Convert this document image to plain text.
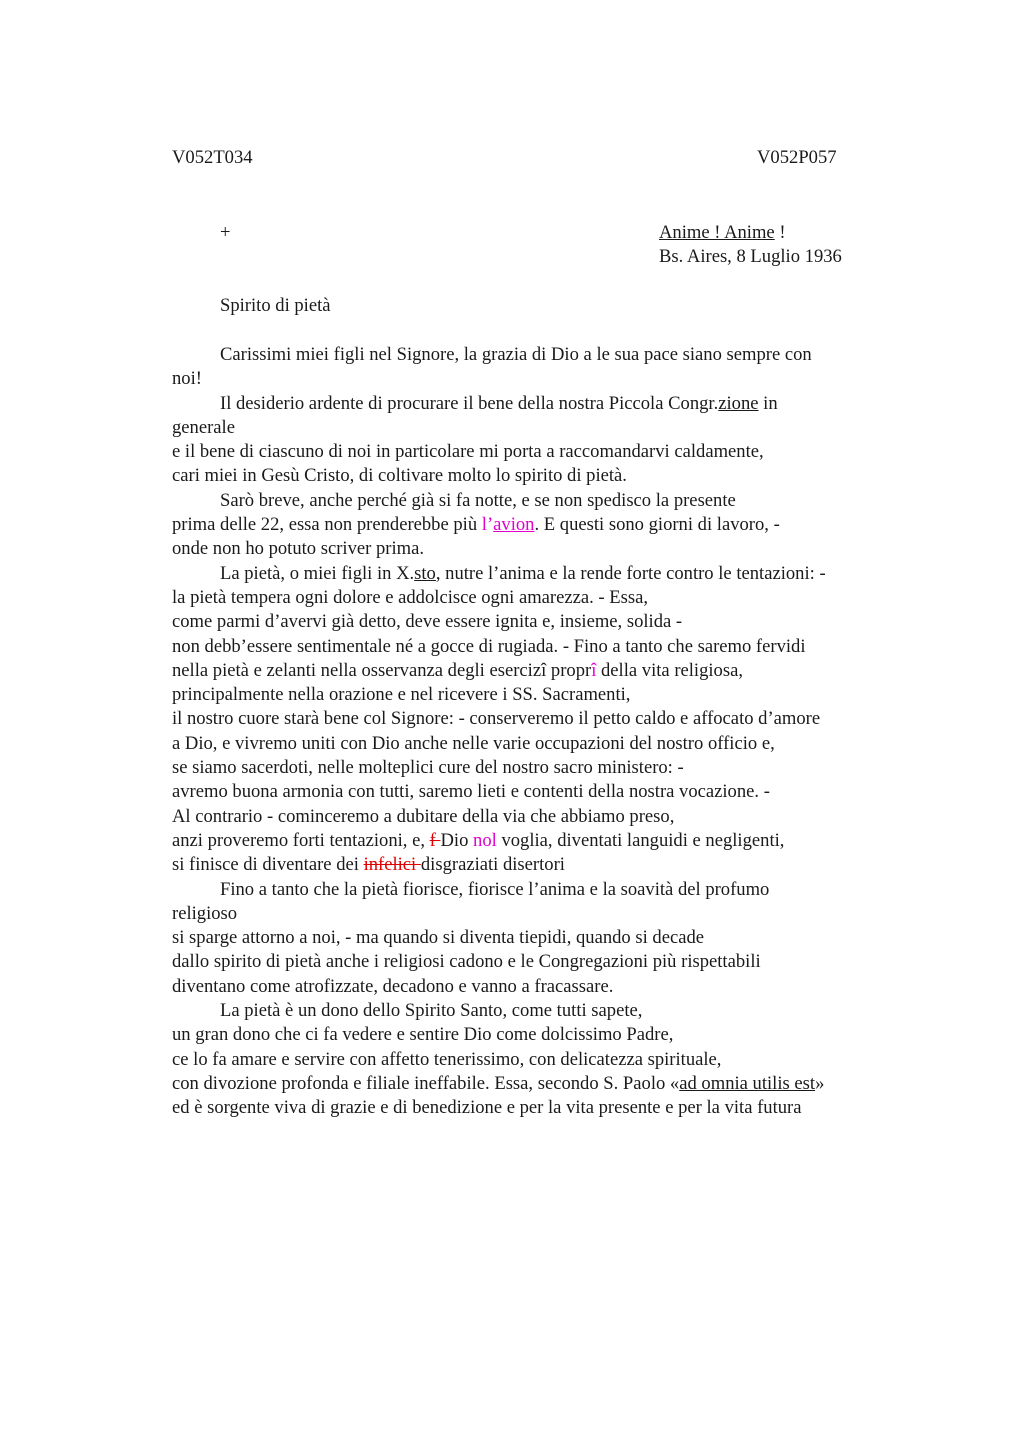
V052T034	V052P057
+	Anime ! Anime !
Bs. Aires, 8 Luglio 1936
Spirito di pietà
Carissimi miei figli nel Signore, la grazia di Dio a le sua pace siano sempre con
noi!
Il desiderio ardente di procurare il bene della nostra Piccola Congr.zione in
generale
e il bene di ciascuno di noi in particolare mi porta a raccomandarvi caldamente,
cari miei in Gesù Cristo, di coltivare molto lo spirito di pietà.
Sarò breve, anche perché già si fa notte, e se non spedisco la presente
prima delle 22, essa non prenderebbe più l’avion. E questi sono giorni di lavoro, -
onde non ho potuto scriver prima.
La pietà, o miei figli in X.sto, nutre l’anima e la rende forte contro le tentazioni: -
la pietà tempera ogni dolore e addolcisce ogni amarezza. - Essa,
come parmi d’avervi già detto, deve essere ignita e, insieme, solida -
non debb’essere sentimentale né a gocce di rugiada. - Fino a tanto che saremo fervidi
nella pietà e zelanti nella osservanza degli esercizî proprî della vita religiosa,
principalmente nella orazione e nel ricevere i SS. Sacramenti,
il nostro cuore starà bene col Signore: - conserveremo il petto caldo e affocato d’amore
a Dio, e vivremo uniti con Dio anche nelle varie occupazioni del nostro officio e,
se siamo sacerdoti, nelle molteplici cure del nostro sacro ministero: -
avremo buona armonia con tutti, saremo lieti e contenti della nostra vocazione. -
Al contrario - cominceremo a dubitare della via che abbiamo preso,
anzi proveremo forti tentazioni, e, f Dio nol voglia, diventati languidi e negligenti,
si finisce di diventare dei infelici disgraziati disertori
Fino a tanto che la pietà fiorisce, fiorisce l’anima e la soavità del profumo
religioso
si sparge attorno a noi, - ma quando si diventa tiepidi, quando si decade
dallo spirito di pietà anche i religiosi cadono e le Congregazioni più rispettabili
diventano come atrofizzate, decadono e vanno a fracassare.
La pietà è un dono dello Spirito Santo, come tutti sapete,
un gran dono che ci fa vedere e sentire Dio come dolcissimo Padre,
ce lo fa amare e servire con affetto tenerissimo, con delicatezza spirituale,
con divozione profonda e filiale ineffabile. Essa, secondo S. Paolo «ad omnia utilis est»
ed è sorgente viva di grazie e di benedizione e per la vita presente e per la vita futura
